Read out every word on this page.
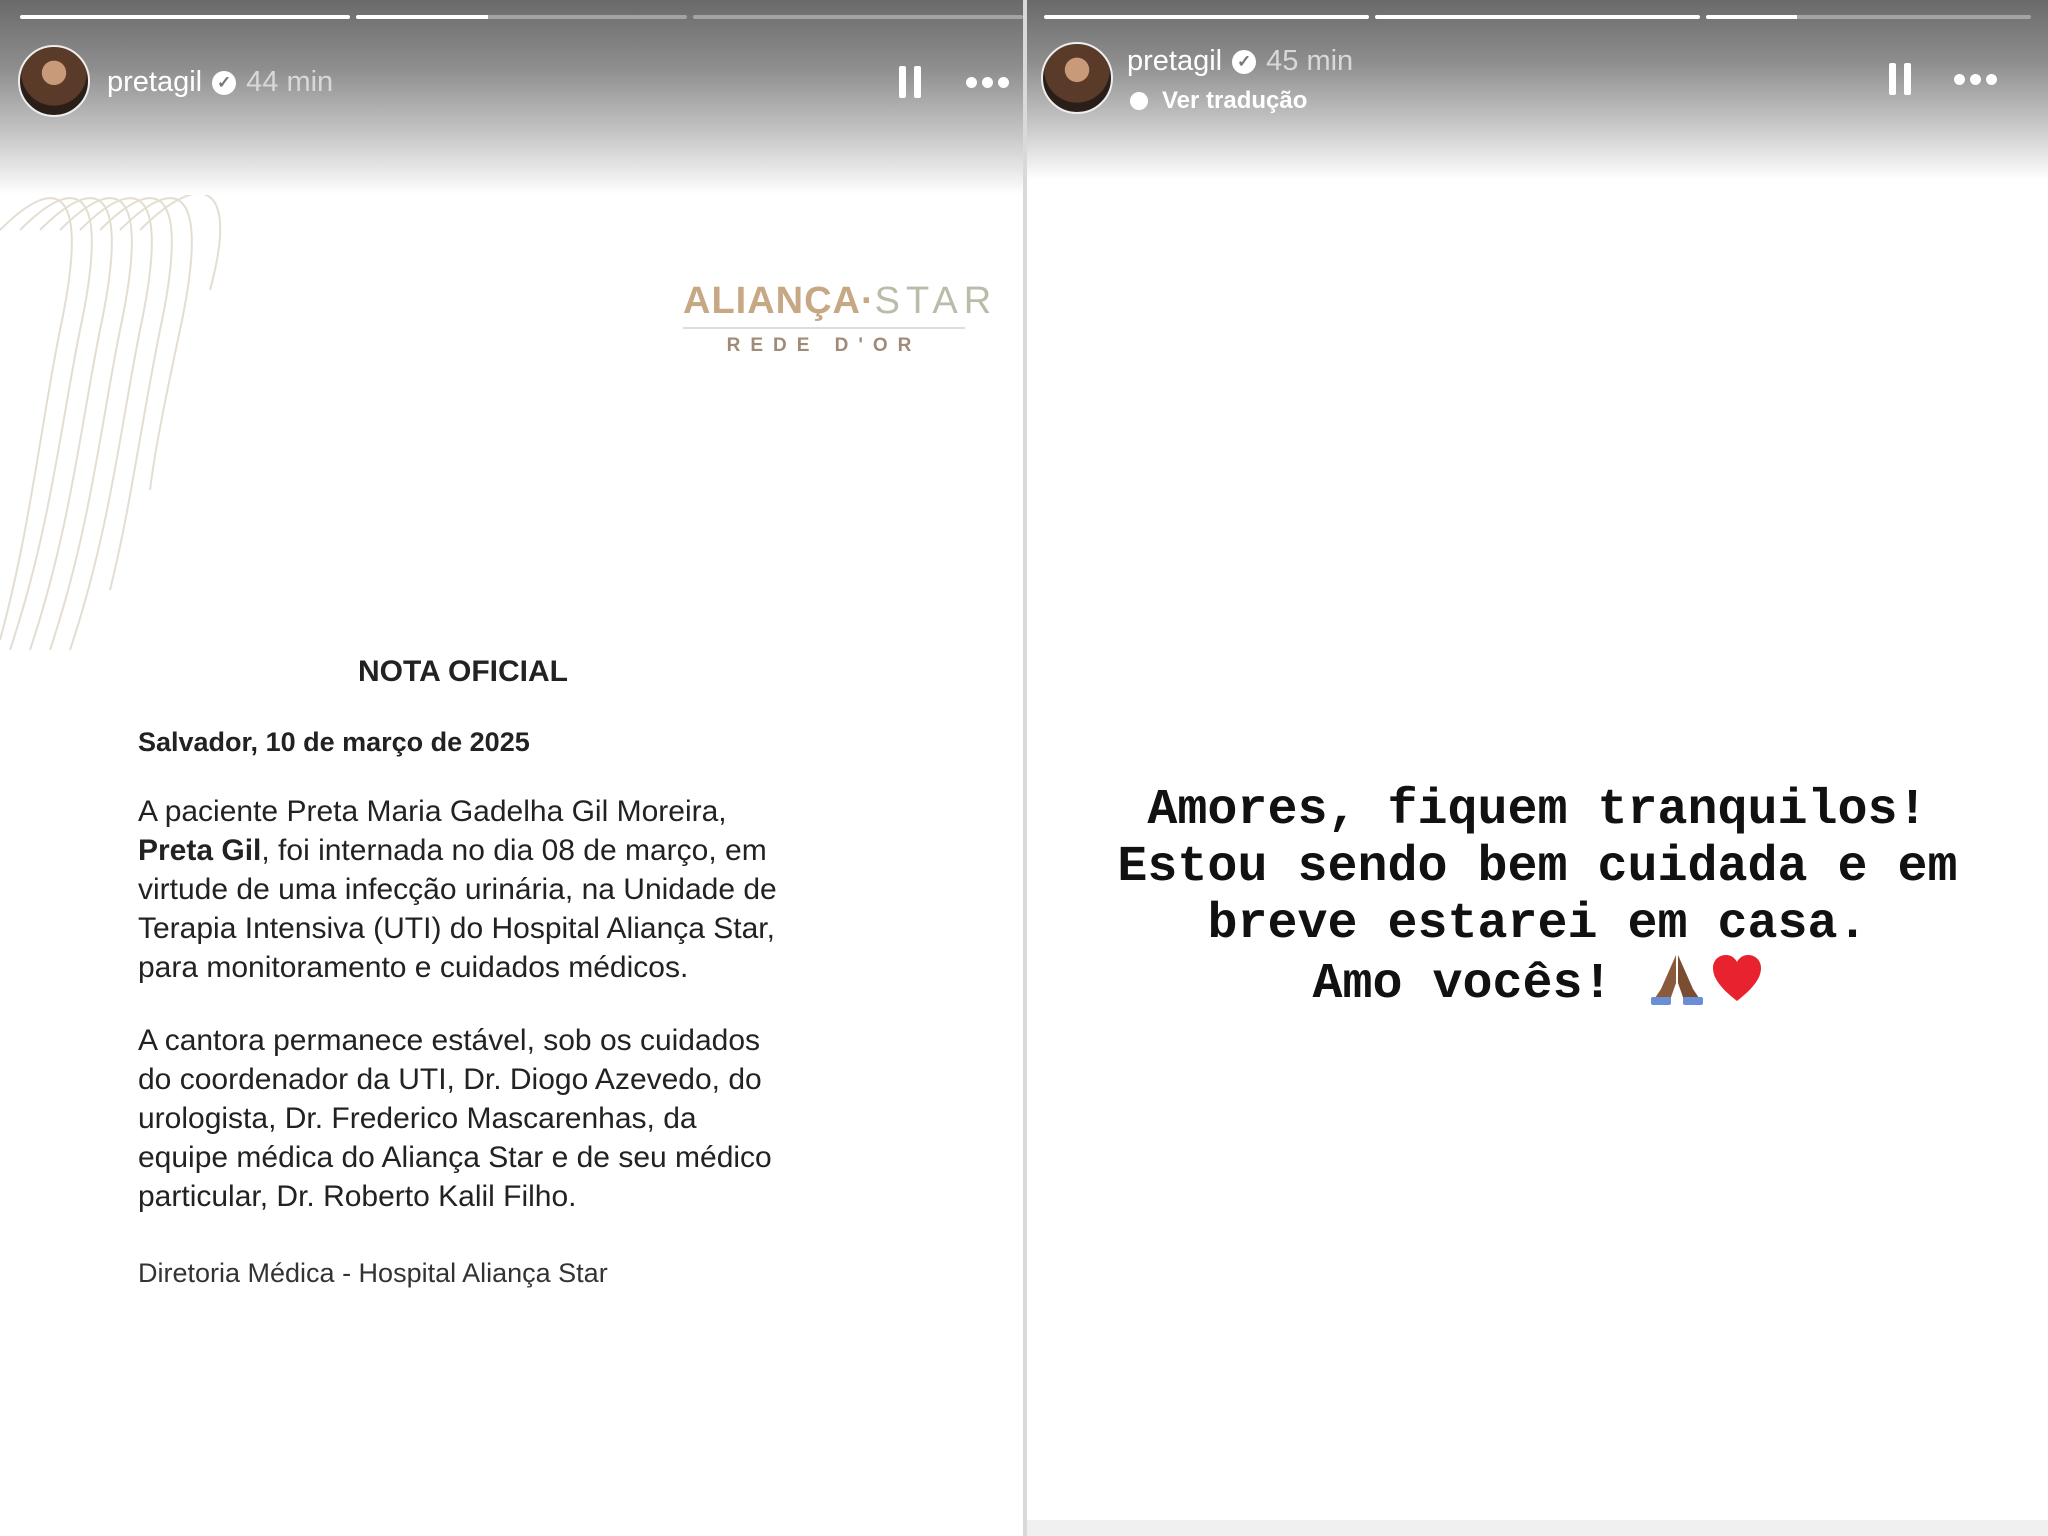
pretagil ✓ 44 min
ALIANÇA·STAR
REDE D'OR
NOTA OFICIAL
Salvador, 10 de março de 2025
A paciente Preta Maria Gadelha Gil Moreira,
Preta Gil, foi internada no dia 08 de março, em
virtude de uma infecção urinária, na Unidade de
Terapia Intensiva (UTI) do Hospital Aliança Star,
para monitoramento e cuidados médicos.
A cantora permanece estável, sob os cuidados
do coordenador da UTI, Dr. Diogo Azevedo, do
urologista, Dr. Frederico Mascarenhas, da
equipe médica do Aliança Star e de seu médico
particular, Dr. Roberto Kalil Filho.
Diretoria Médica - Hospital Aliança Star
pretagil ✓ 45 min
Ver tradução
Amores, fiquem tranquilos!
Estou sendo bem cuidada e em
breve estarei em casa.
Amo vocês!
